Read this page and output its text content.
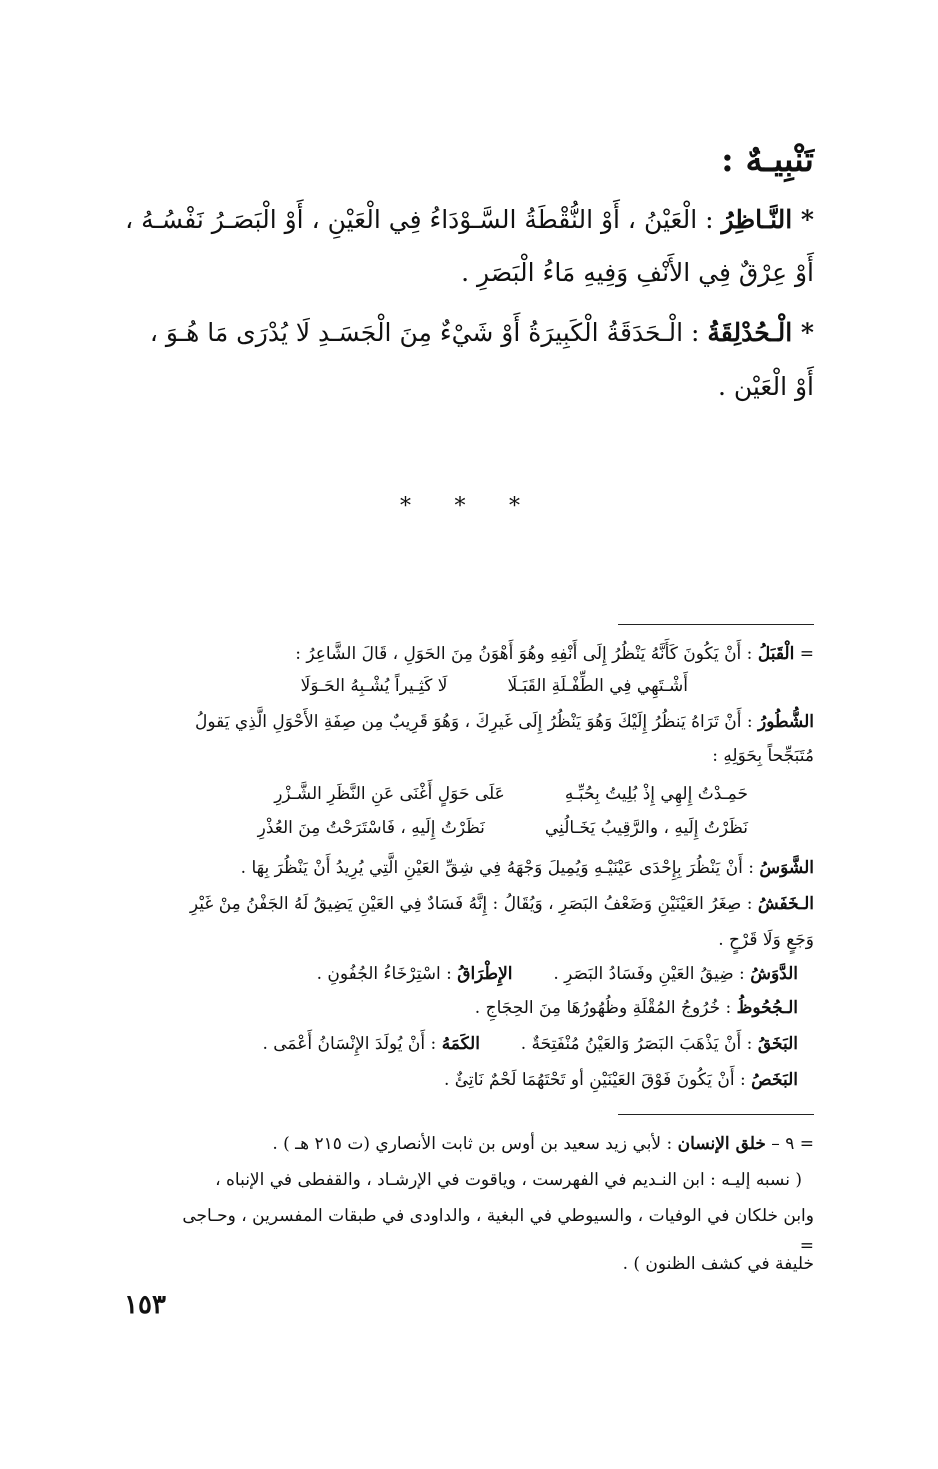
تَنْبِيـهٌ :
* النَّـاظِرُ : الْعَيْنُ ، أَوْ النُّقْطَةُ السَّـوْدَاءُ فِي الْعَيْنِ ، أَوْ الْبَصَـرُ نَفْسُـهُ ،
أَوْ عِرْقٌ فِي الأَنْفِ وَفِيهِ مَاءُ الْبَصَرِ .
* الْـحُدْلِقَةُ : الْـحَدَقَةُ الْكَبِيرَةُ أَوْ شَيْءٌ مِنَ الْجَسَـدِ لَا يُدْرَى مَا هُـوَ ،
أَوْ الْعَيْن .
* * *
= الْقَبَلُ : أَنْ يَكُونَ كَأَنَّهُ يَنْظُرُ إِلَى أَنْفِهِ وهُوَ أَهْوَنُ مِنَ الحَوَلِ ، قَالَ الشَّاعِرُ :
أَشْـتَهِي فِي الطِّفْـلَةِ القَبَـلَالَا كَثِـيراً يُشْـبِهُ الحَـوَلَا
الشُّطُورُ : أَنْ تَرَاهُ يَنظُرُ إِلَيْكَ وَهُوَ يَنْظُرُ إِلَى غَيرِكَ ، وَهُوَ قَرِيبٌ مِن صِفَةِ الأَحْوَلِ الَّذِي يَقولُ
مُتَبَجِّحاً بِحَوَلِهِ :
حَمِـدْتُ إِلهِي إِذْ بُلِيتُ بِحُبِّـهِعَلَى حَوَلٍ أَغْنَى عَنِ النَّظَرِ الشَّـزْرِ
نَظَرْتُ إِلَيهِ ، والرَّقِيبُ يَخَـالُنِينَظَرْتُ إِلَيهِ ، فَاسْتَرَحْتُ مِنَ العُذْرِ
الشَّوَسُ : أَنْ يَنْظُرَ بِإِحْدَى عَيْنَيْـهِ وَيُمِيلَ وَجْهَهُ فِي شِقِّ العَيْنِ الَّتِي يُرِيدُ أَنْ يَنْظُرَ بِهَا .
الـخَفَشُ : صِغَرُ العَيْنَيْنِ وَضَعْفُ البَصَرِ ، وَيُقَالُ : إِنَّهُ فَسَادٌ فِي العَيْنِ يَضِيقُ لَهُ الجَفْنُ مِنْ غَيْرِ
وَجَعٍ وَلَا قَرْحٍ .
الدَّوَشُ : ضِيقُ العَيْنِ وفَسَادُ البَصَرِ .  الإِطْرَاقُ : اسْتِرْخَاءُ الجُفُونِ .
الـجُحُوظُ : خُرُوجُ المُقْلَةِ وظُهُورُهَا مِنَ الحِجَاجِ .
البَخَقُ : أَنْ يَذْهَبَ البَصَرُ وَالعَيْنُ مُنْفَتِحَةٌ .  الكَمَهُ : أَنْ يُولَدَ الإِنْسَانُ أَعْمَى .
البَخَصُ : أَنْ يَكُونَ فَوْقَ العَيْنَيْنِ أو تَحْتَهُمَا لَحْمٌ نَاتِئٌ .
= ٩ – خلق الإنسان : لأبي زيد سعيد بن أوس بن ثابت الأنصاري (ت ٢١٥ هـ ) .
( نسبه إليـه : ابن النـديم في الفهرست ، وياقوت في الإرشـاد ، والقفطى في الإنباه ،
وابن خلكان في الوفيات ، والسيوطي في البغية ، والداودى في طبقات المفسرين ، وحـاجى
=
خليفة في كشف الظنون ) .
١٥٣
